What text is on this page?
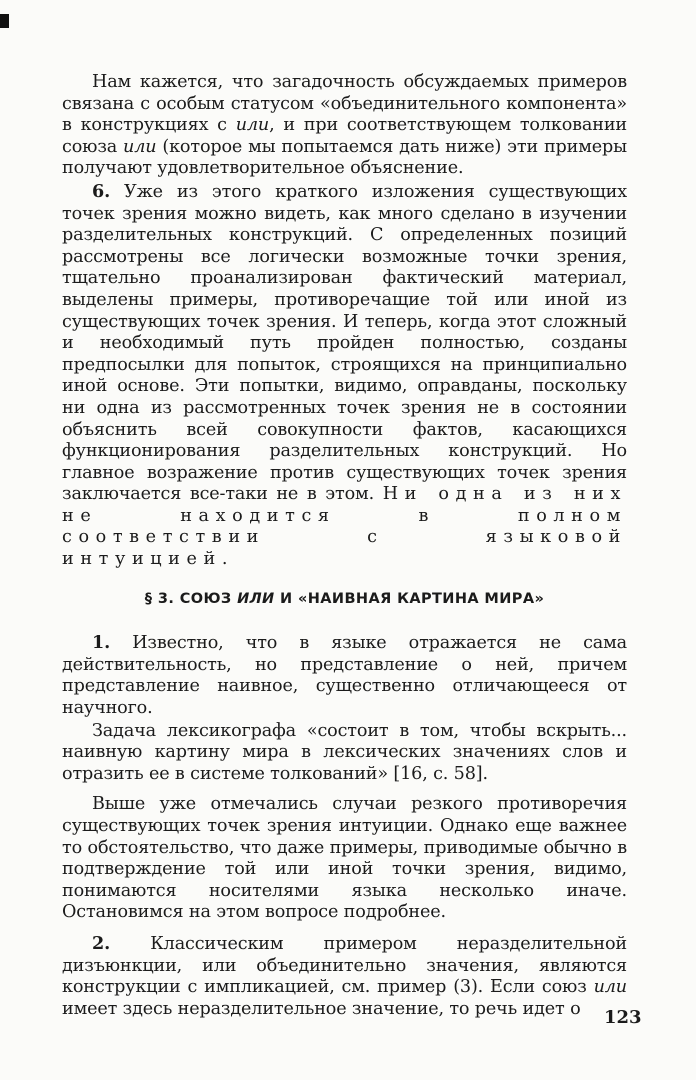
Нам кажется, что загадочность обсуждаемых примеров связана с особым статусом «объединительного компонента» в конструкциях с или, и при соответствующем толковании союза или (которое мы попытаемся дать ниже) эти примеры получают удовлетворительное объяснение.

6. Уже из этого краткого изложения существующих точек зрения можно видеть, как много сделано в изучении разделительных конструкций. С определенных позиций рассмотрены все логически возможные точки зрения, тщательно проанализирован фактический материал, выделены примеры, противоречащие той или иной из существующих точек зрения. И теперь, когда этот сложный и необходимый путь пройден полностью, созданы предпосылки для попыток, строящихся на принципиально иной основе. Эти попытки, видимо, оправданы, поскольку ни одна из рассмотренных точек зрения не в состоянии объяснить всей совокупности фактов, касающихся функционирования разделительных конструкций. Но главное возражение против существующих точек зрения заключается все-таки не в этом. Ни одна из них не находится в полном соответствии с языковой интуицией.

§ 3. СОЮЗ ИЛИ И «НАИВНАЯ КАРТИНА МИРА»

1. Известно, что в языке отражается не сама действительность, но представление о ней, причем представление наивное, существенно отличающееся от научного.

Задача лексикографа «состоит в том, чтобы вскрыть... наивную картину мира в лексических значениях слов и отразить ее в системе толкований» [16, с. 58].

Выше уже отмечались случаи резкого противоречия существующих точек зрения интуиции. Однако еще важнее то обстоятельство, что даже примеры, приводимые обычно в подтверждение той или иной точки зрения, видимо, понимаются носителями языка несколько иначе. Остановимся на этом вопросе подробнее.

2. Классическим примером неразделительной дизъюнкции, или объединительно значения, являются конструкции с импликацией, см. пример (3). Если союз или имеет здесь неразделительное значение, то речь идет о	123
